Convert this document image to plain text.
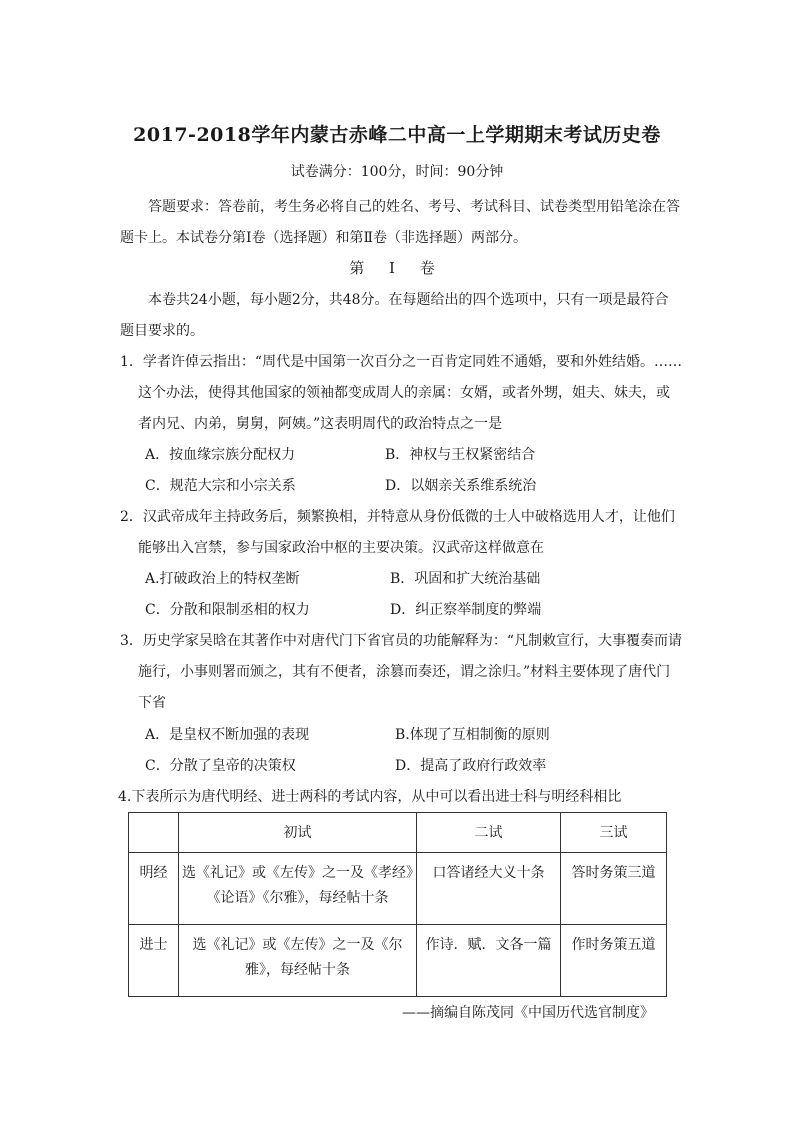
2017-2018学年内蒙古赤峰二中高一上学期期末考试历史卷
试卷满分：100分，时间：90分钟
答题要求：答卷前，考生务必将自己的姓名、考号、考试科目、试卷类型用铅笔涂在答
题卡上。本试卷分第Ⅰ卷（选择题）和第Ⅱ卷（非选择题）两部分。
第 Ⅰ 卷
本卷共24小题，每小题2分，共48分。在每题给出的四个选项中，只有一项是最符合
题目要求的。
1．学者许倬云指出：“周代是中国第一次百分之一百肯定同姓不通婚，要和外姓结婚。……
这个办法，使得其他国家的领袖都变成周人的亲属：女婿，或者外甥，姐夫、妹夫，或
者内兄、内弟，舅舅，阿姨。”这表明周代的政治特点之一是
A．按血缘宗族分配权力	B．神权与王权紧密结合
C．规范大宗和小宗关系	D．以姻亲关系维系统治
2．汉武帝成年主持政务后，频繁换相，并特意从身份低微的士人中破格选用人才，让他们
能够出入宫禁，参与国家政治中枢的主要决策。汉武帝这样做意在
A.打破政治上的特权垄断	B．巩固和扩大统治基础
C．分散和限制丞相的权力	D．纠正察举制度的弊端
3．历史学家吴晗在其著作中对唐代门下省官员的功能解释为：“凡制敕宣行，大事覆奏而请
施行，小事则署而颁之，其有不便者，涂篡而奏还，谓之涂归。”材料主要体现了唐代门
下省
A．是皇权不断加强的表现	B.体现了互相制衡的原则
C．分散了皇帝的决策权	D．提高了政府行政效率
4.下表所示为唐代明经、进士两科的考试内容，从中可以看出进士科与明经科相比
	初试	二试	三试
明经	选《礼记》或《左传》之一及《孝经》《论语》《尔雅》，每经帖十条	口答诸经大义十条	答时务策三道
进士	选《礼记》或《左传》之一及《尔雅》，每经帖十条	作诗．赋．文各一篇	作时务策五道
——摘编自陈茂同《中国历代选官制度》
